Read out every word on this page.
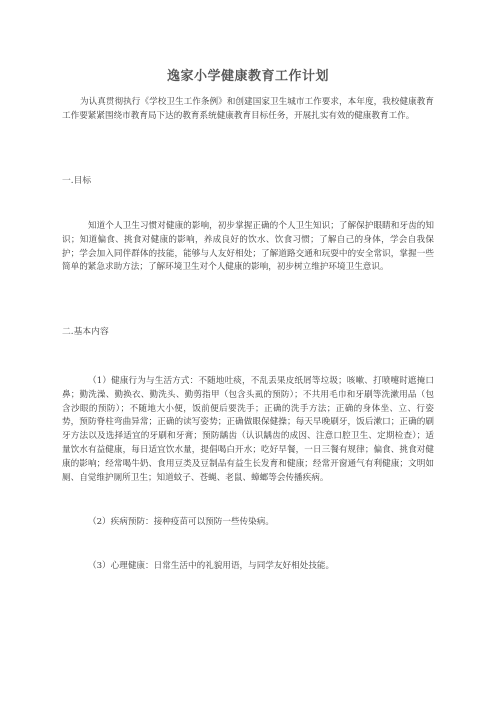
逸家小学健康教育工作计划
为认真贯彻执行《学校卫生工作条例》和创建国家卫生城市工作要求，本年度，我校健康教育工作要紧紧围绕市教育局下达的教育系统健康教育目标任务，开展扎实有效的健康教育工作。
一.目标
知道个人卫生习惯对健康的影响，初步掌握正确的个人卫生知识；了解保护眼睛和牙齿的知识；知道偏食、挑食对健康的影响，养成良好的饮水、饮食习惯；了解自己的身体，学会自我保护；学会加入同伴群体的技能，能够与人友好相处；了解道路交通和玩耍中的安全常识，掌握一些简单的紧急求助方法；了解环境卫生对个人健康的影响，初步树立维护环境卫生意识。
二.基本内容
（1）健康行为与生活方式：不随地吐痰，不乱丢果皮纸屑等垃圾；咳嗽、打喷嚏时遮掩口鼻；勤洗澡、勤换衣、勤洗头、勤剪指甲（包含头虱的预防）；不共用毛巾和牙刷等洗漱用品（包含沙眼的预防）；不随地大小便，饭前便后要洗手；正确的洗手方法；正确的身体坐、立、行姿势，预防脊柱弯曲异常；正确的读写姿势；正确做眼保健操；每天早晚刷牙，饭后漱口；正确的刷牙方法以及选择适宜的牙刷和牙膏；预防龋齿（认识龋齿的成因、注意口腔卫生、定期检查）；适量饮水有益健康，每日适宜饮水量，提倡喝白开水；吃好早餐，一日三餐有规律；偏食、挑食对健康的影响；经常喝牛奶、食用豆类及豆制品有益生长发育和健康；经常开窗通气有利健康；文明如厕、自觉维护厕所卫生；知道蚊子、苍蝇、老鼠、蟑螂等会传播疾病。
（2）疾病预防：接种疫苗可以预防一些传染病。
（3）心理健康：日常生活中的礼貌用语，与同学友好相处技能。
